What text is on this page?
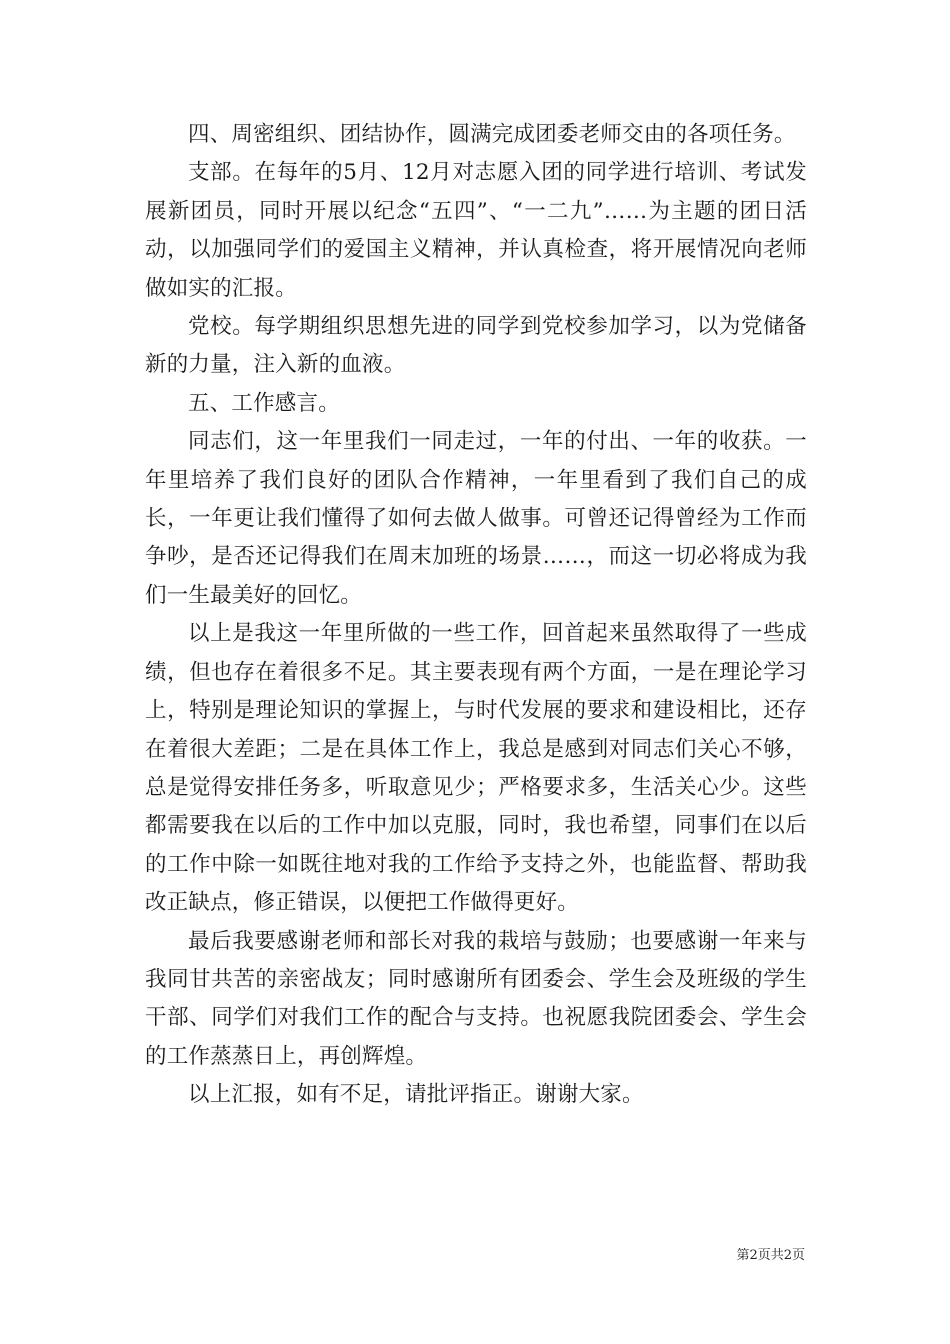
四、周密组织、团结协作，圆满完成团委老师交由的各项任务。

支部。在每年的5月、12月对志愿入团的同学进行培训、考试发展新团员，同时开展以纪念“五四”、“一二九”……为主题的团日活动，以加强同学们的爱国主义精神，并认真检查，将开展情况向老师做如实的汇报。

党校。每学期组织思想先进的同学到党校参加学习，以为党储备新的力量，注入新的血液。

五、工作感言。

同志们，这一年里我们一同走过，一年的付出、一年的收获。一年里培养了我们良好的团队合作精神，一年里看到了我们自己的成长，一年更让我们懂得了如何去做人做事。可曾还记得曾经为工作而争吵，是否还记得我们在周末加班的场景……，而这一切必将成为我们一生最美好的回忆。

以上是我这一年里所做的一些工作，回首起来虽然取得了一些成绩，但也存在着很多不足。其主要表现有两个方面，一是在理论学习上，特别是理论知识的掌握上，与时代发展的要求和建设相比，还存在着很大差距；二是在具体工作上，我总是感到对同志们关心不够，总是觉得安排任务多，听取意见少；严格要求多，生活关心少。这些都需要我在以后的工作中加以克服，同时，我也希望，同事们在以后的工作中除一如既往地对我的工作给予支持之外，也能监督、帮助我改正缺点，修正错误，以便把工作做得更好。

最后我要感谢老师和部长对我的栽培与鼓励；也要感谢一年来与我同甘共苦的亲密战友；同时感谢所有团委会、学生会及班级的学生干部、同学们对我们工作的配合与支持。也祝愿我院团委会、学生会的工作蒸蒸日上，再创辉煌。

以上汇报，如有不足，请批评指正。谢谢大家。

第2页共2页
